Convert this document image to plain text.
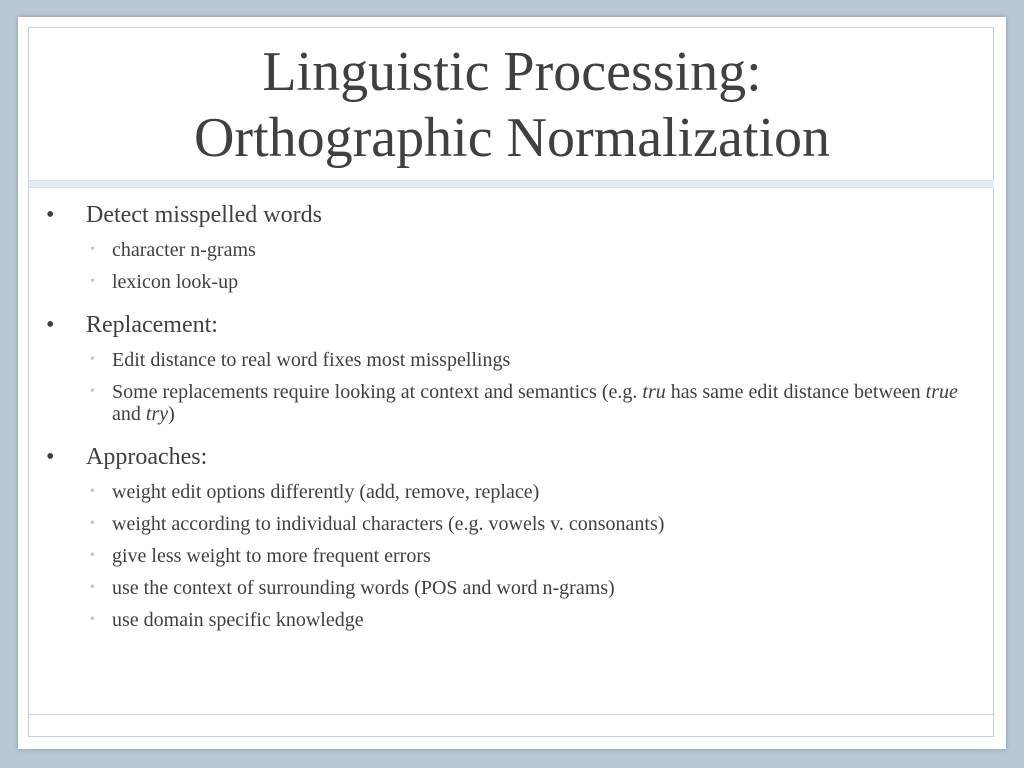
Linguistic Processing:
Orthographic Normalization

•	Detect misspelled words

• character n-grams

• lexicon look-up

•	Replacement:

• Edit distance to real word fixes most misspellings

• Some replacements require looking at context and semantics (e.g. tru has same edit distance between true and try)

•	Approaches:

• weight edit options differently (add, remove, replace)

• weight according to individual characters (e.g. vowels v. consonants)

• give less weight to more frequent errors

• use the context of surrounding words (POS and word n-grams)

• use domain specific knowledge
